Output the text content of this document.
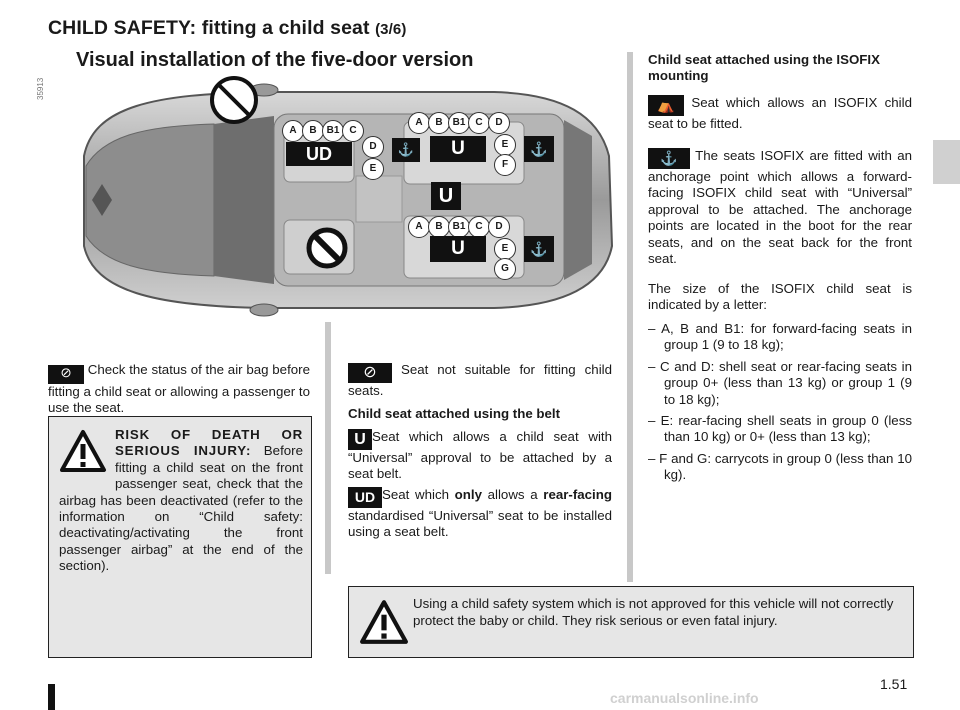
CHILD SAFETY: fitting a child seat (3/6)
Visual installation of the five-door version
35913
A	B B1 C
D
E
UD	⚓
A	B B1 C	D
E
F
U	⚓
U
A	B B1 C	D
E
G
U	⚓
⊘ Check the status of the air bag before fitting a child seat or allowing a passenger to use the seat.
RISK OF DEATH OR SERIOUS INJURY: Before fitting a child seat on the front passenger seat, check that the airbag has been deactivated (refer to the information on “Child safety: deactivating/activating the front passenger airbag” at the end of the section).
⊘ Seat not suitable for fitting child seats.
Child seat attached using the belt
U Seat which allows a child seat with “Universal” approval to be attached by a seat belt.
UD Seat which only allows a rear-facing standardised “Universal” seat to be installed using a seat belt.
Child seat attached using the ISOFIX mounting
⛺ Seat which allows an ISOFIX child seat to be fitted.
⚓ The seats ISOFIX are fitted with an anchorage point which allows a forward-facing ISOFIX child seat with “Universal” approval to be attached. The anchorage points are located in the boot for the rear seats, and on the seat back for the front seat.
The size of the ISOFIX child seat is indicated by a letter:
– A, B and B1: for forward-facing seats in group 1 (9 to 18 kg);
– C and D: shell seat or rear-facing seats in group 0+ (less than 13 kg) or group 1 (9 to 18 kg);
– E: rear-facing shell seats in group 0 (less than 10 kg) or 0+ (less than 13 kg);
– F and G: carrycots in group 0 (less than 10 kg).
Using a child safety system which is not approved for this vehicle will not correctly protect the baby or child. They risk serious or even fatal injury.
1.51
carmanualsonline.info
